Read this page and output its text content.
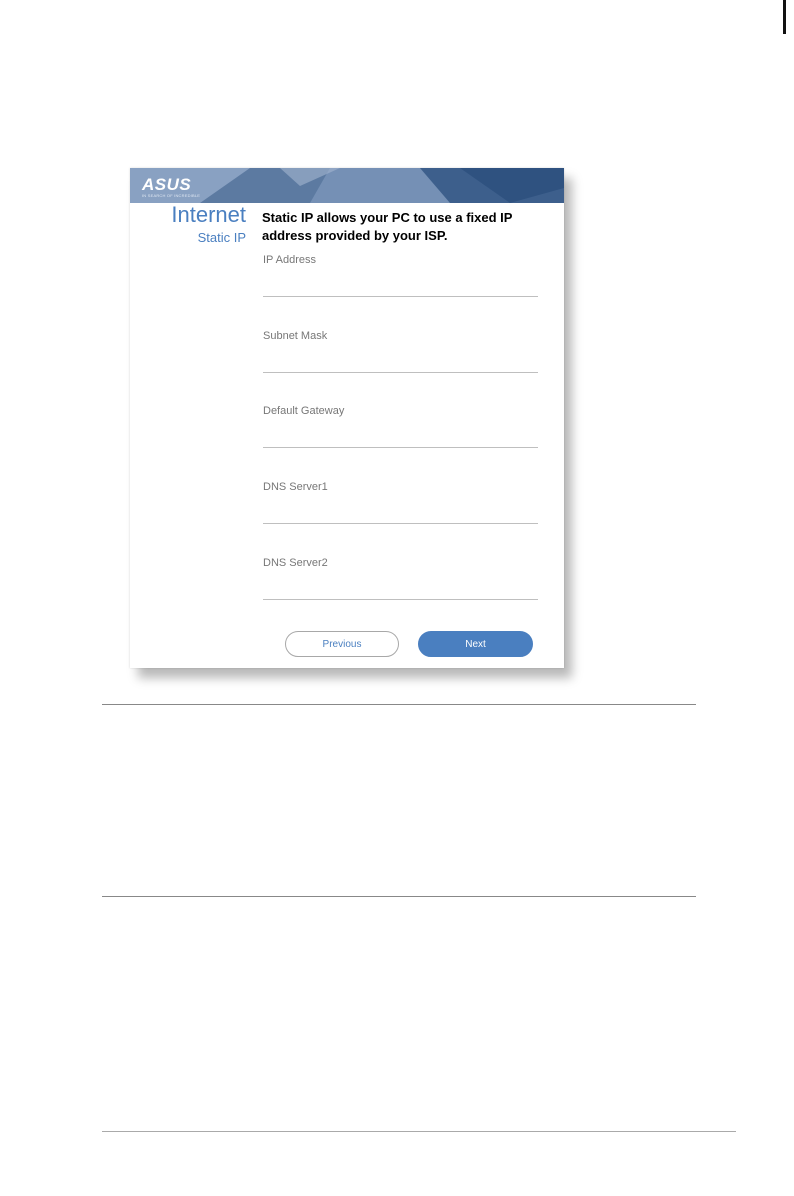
ASUS
IN SEARCH OF INCREDIBLE
Internet
Static IP
Static IP allows your PC to use a fixed IP address provided by your ISP.
IP Address
Subnet Mask
Default Gateway
DNS Server1
DNS Server2
Previous	Next
